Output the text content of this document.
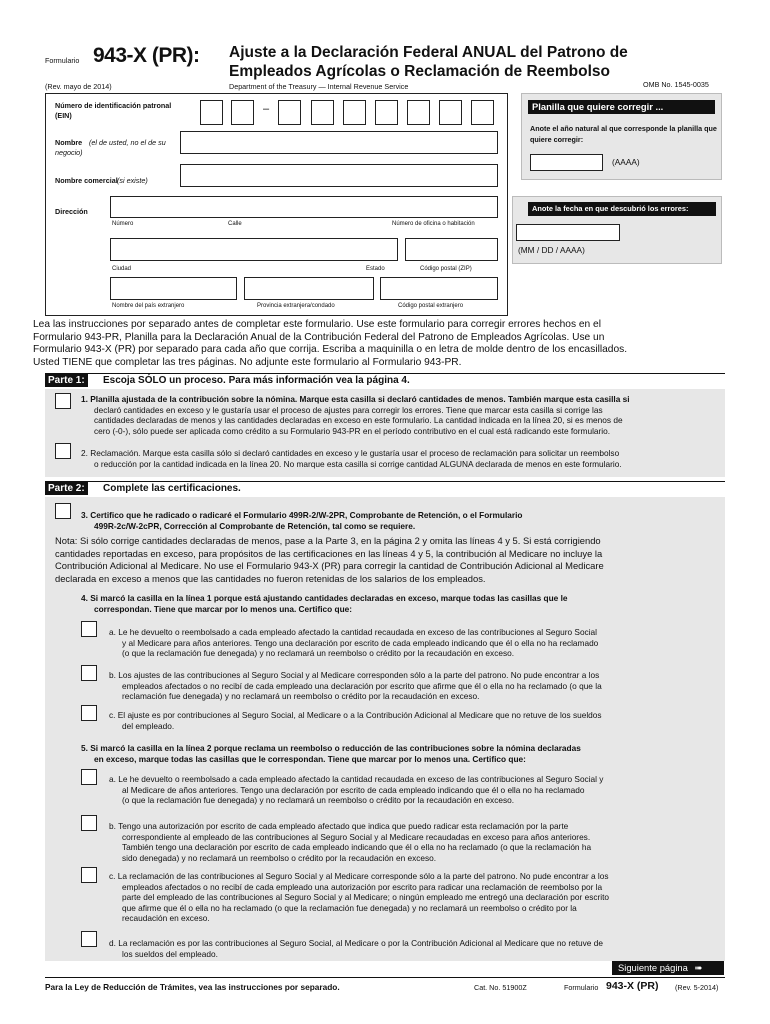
Formulario 943-X (PR):
(Rev. mayo de 2014)
Ajuste a la Declaración Federal ANUAL del Patrono de
Empleados Agrícolas o Reclamación de Reembolso
Department of the Treasury — Internal Revenue Service	OMB No. 1545-0035
Número de identificación patronal
(EIN)
–
Nombre (el de usted, no el de su negocio)
Nombre comercial (si existe)
Dirección
Número	Calle	Número de oficina o habitación
Ciudad	Estado	Código postal (ZIP)
Nombre del país extranjero	Provincia extranjera/condado	Código postal extranjero
Planilla que quiere corregir ...
Anote el año natural al que corresponde la planilla que quiere corregir:
(AAAA)
Anote la fecha en que descubrió los errores:
(MM / DD / AAAA)
Lea las instrucciones por separado antes de completar este formulario. Use este formulario para corregir errores hechos en el
Formulario 943-PR, Planilla para la Declaración Anual de la Contribución Federal del Patrono de Empleados Agrícolas. Use un
Formulario 943-X (PR) por separado para cada año que corrija. Escriba a maquinilla o en letra de molde dentro de los encasillados.
Usted TIENE que completar las tres páginas. No adjunte este formulario al Formulario 943-PR.
Parte 1:	Escoja SÓLO un proceso. Para más información vea la página 4.
1. Planilla ajustada de la contribución sobre la nómina. Marque esta casilla si declaró cantidades de menos. También marque esta casilla si
declaró cantidades en exceso y le gustaría usar el proceso de ajustes para corregir los errores. Tiene que marcar esta casilla si corrige las
cantidades declaradas de menos y las cantidades declaradas en exceso en este formulario. La cantidad indicada en la línea 20, si es menos de
cero (-0-), sólo puede ser aplicada como crédito a su Formulario 943-PR en el período contributivo en el cual está radicando este formulario.
2. Reclamación. Marque esta casilla sólo si declaró cantidades en exceso y le gustaría usar el proceso de reclamación para solicitar un reembolso
o reducción por la cantidad indicada en la línea 20. No marque esta casilla si corrige cantidad ALGUNA declarada de menos en este formulario.
Parte 2:	Complete las certificaciones.
3. Certifico que he radicado o radicaré el Formulario 499R-2/W-2PR, Comprobante de Retención, o el Formulario
499R-2c/W-2cPR, Corrección al Comprobante de Retención, tal como se requiere.
Nota: Si sólo corrige cantidades declaradas de menos, pase a la Parte 3, en la página 2 y omita las líneas 4 y 5. Si está corrigiendo
cantidades reportadas en exceso, para propósitos de las certificaciones en las líneas 4 y 5, la contribución al Medicare no incluye la
Contribución Adicional al Medicare. No use el Formulario 943-X (PR) para corregir la cantidad de Contribución Adicional al Medicare
declarada en exceso a menos que las cantidades no fueron retenidas de los salarios de los empleados.
4. Si marcó la casilla en la línea 1 porque está ajustando cantidades declaradas en exceso, marque todas las casillas que le
correspondan. Tiene que marcar por lo menos una. Certifico que:
a. Le he devuelto o reembolsado a cada empleado afectado la cantidad recaudada en exceso de las contribuciones al Seguro Social
y al Medicare para años anteriores. Tengo una declaración por escrito de cada empleado indicando que él o ella no ha reclamado
(o que la reclamación fue denegada) y no reclamará un reembolso o crédito por la recaudación en exceso.
b. Los ajustes de las contribuciones al Seguro Social y al Medicare corresponden sólo a la parte del patrono. No pude encontrar a los
empleados afectados o no recibí de cada empleado una declaración por escrito que afirme que él o ella no ha reclamado (o que la
reclamación fue denegada) y no reclamará un reembolso o crédito por la recaudación en exceso.
c. El ajuste es por contribuciones al Seguro Social, al Medicare o a la Contribución Adicional al Medicare que no retuve de los sueldos
del empleado.
5. Si marcó la casilla en la línea 2 porque reclama un reembolso o reducción de las contribuciones sobre la nómina declaradas
en exceso, marque todas las casillas que le correspondan. Tiene que marcar por lo menos una. Certifico que:
a. Le he devuelto o reembolsado a cada empleado afectado la cantidad recaudada en exceso de las contribuciones al Seguro Social y
al Medicare de años anteriores. Tengo una declaración por escrito de cada empleado indicando que él o ella no ha reclamado
(o que la reclamación fue denegada) y no reclamará un reembolso o crédito por la recaudación en exceso.
b. Tengo una autorización por escrito de cada empleado afectado que indica que puedo radicar esta reclamación por la parte
correspondiente al empleado de las contribuciones al Seguro Social y al Medicare recaudadas en exceso para años anteriores.
También tengo una declaración por escrito de cada empleado indicando que él o ella no ha reclamado (o que la reclamación ha
sido denegada) y no reclamará un reembolso o crédito por la recaudación en exceso.
c. La reclamación de las contribuciones al Seguro Social y al Medicare corresponde sólo a la parte del patrono. No pude encontrar a los
empleados afectados o no recibí de cada empleado una autorización por escrito para radicar una reclamación de reembolso por la
parte del empleado de las contribuciones al Seguro Social y al Medicare; o ningún empleado me entregó una declaración por escrito
que afirme que él o ella no ha reclamado (o que la reclamación fue denegada) y no reclamará un reembolso o crédito por la
recaudación en exceso.
d. La reclamación es por las contribuciones al Seguro Social, al Medicare o por la Contribución Adicional al Medicare que no retuve de
los sueldos del empleado.
Siguiente página ➠
Para la Ley de Reducción de Trámites, vea las instrucciones por separado.	Cat. No. 51900Z	Formulario 943-X (PR) (Rev. 5-2014)
